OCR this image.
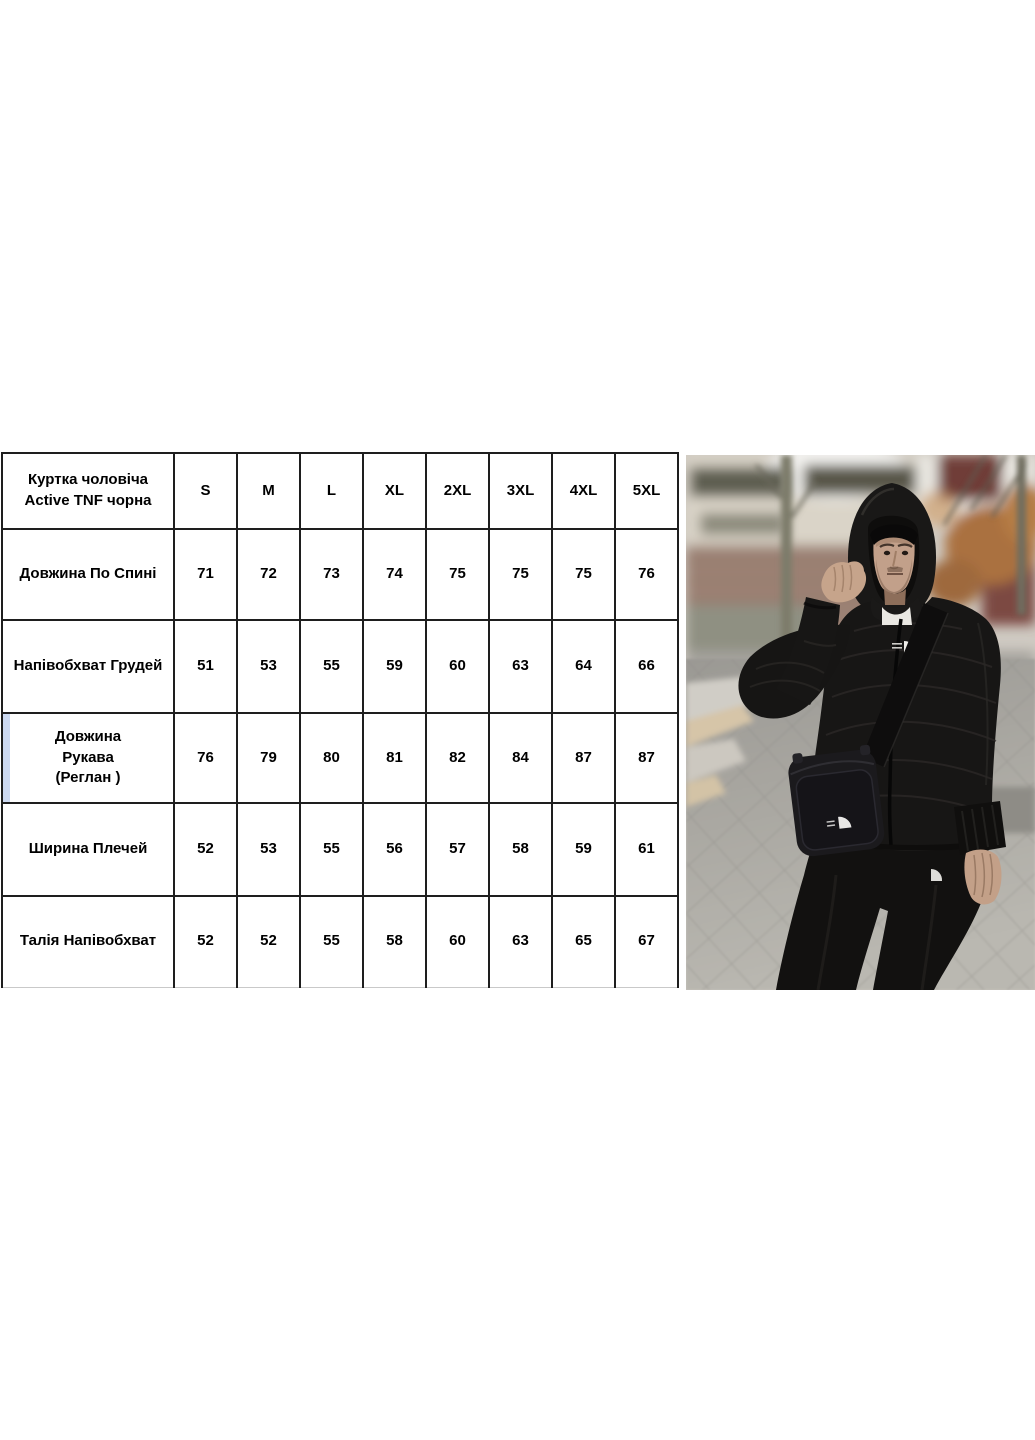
Куртка чоловіча
Active TNF чорна	S	M	L	XL	2XL	3XL	4XL	5XL
Довжина По Спині	71	72	73	74	75	75	75	76
Напівобхват Грудей	51	53	55	59	60	63	64	66

Довжина
Рукава
(Реглан )	76	79	80	81	82	84	87	87
Ширина Плечей	52	53	55	56	57	58	59	61
Талія Напівобхват	52	52	55	58	60	63	65	67
